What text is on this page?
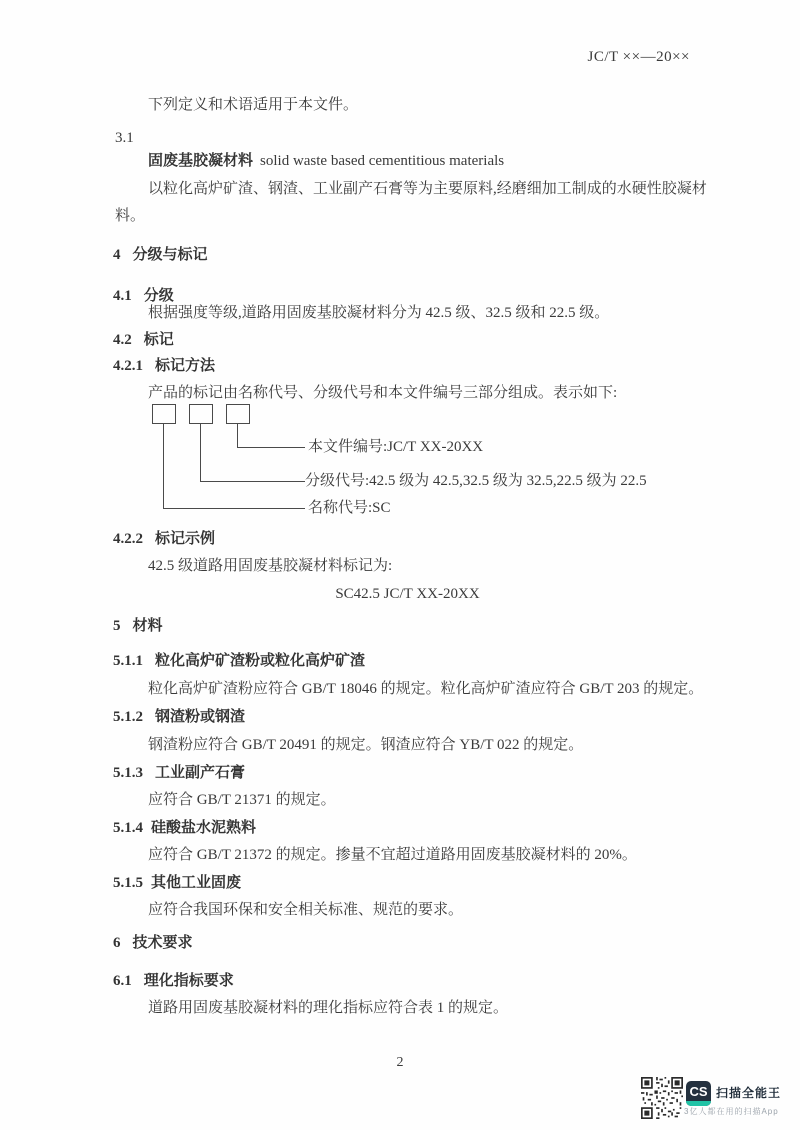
JC/T ××—20××
下列定义和术语适用于本文件。
3.1
固废基胶凝材料 solid waste based cementitious materials
以粒化高炉矿渣、钢渣、工业副产石膏等为主要原料,经磨细加工制成的水硬性胶凝材
料。
4 分级与标记
4.1 分级
根据强度等级,道路用固废基胶凝材料分为 42.5 级、32.5 级和 22.5 级。
4.2 标记
4.2.1 标记方法
产品的标记由名称代号、分级代号和本文件编号三部分组成。表示如下:
本文件编号:JC/T XX-20XX
分级代号:42.5 级为 42.5,32.5 级为 32.5,22.5 级为 22.5
名称代号:SC
4.2.2 标记示例
42.5 级道路用固废基胶凝材料标记为:
SC42.5 JC/T XX-20XX
5 材料
5.1.1 粒化高炉矿渣粉或粒化高炉矿渣
粒化高炉矿渣粉应符合 GB/T 18046 的规定。粒化高炉矿渣应符合 GB/T 203 的规定。
5.1.2 钢渣粉或钢渣
钢渣粉应符合 GB/T 20491 的规定。钢渣应符合 YB/T 022 的规定。
5.1.3 工业副产石膏
应符合 GB/T 21371 的规定。
5.1.4 硅酸盐水泥熟料
应符合 GB/T 21372 的规定。掺量不宜超过道路用固废基胶凝材料的 20%。
5.1.5 其他工业固废
应符合我国环保和安全相关标准、规范的要求。
6 技术要求
6.1 理化指标要求
道路用固废基胶凝材料的理化指标应符合表 1 的规定。
2
CS 扫描全能王
3亿人都在用的扫描App
